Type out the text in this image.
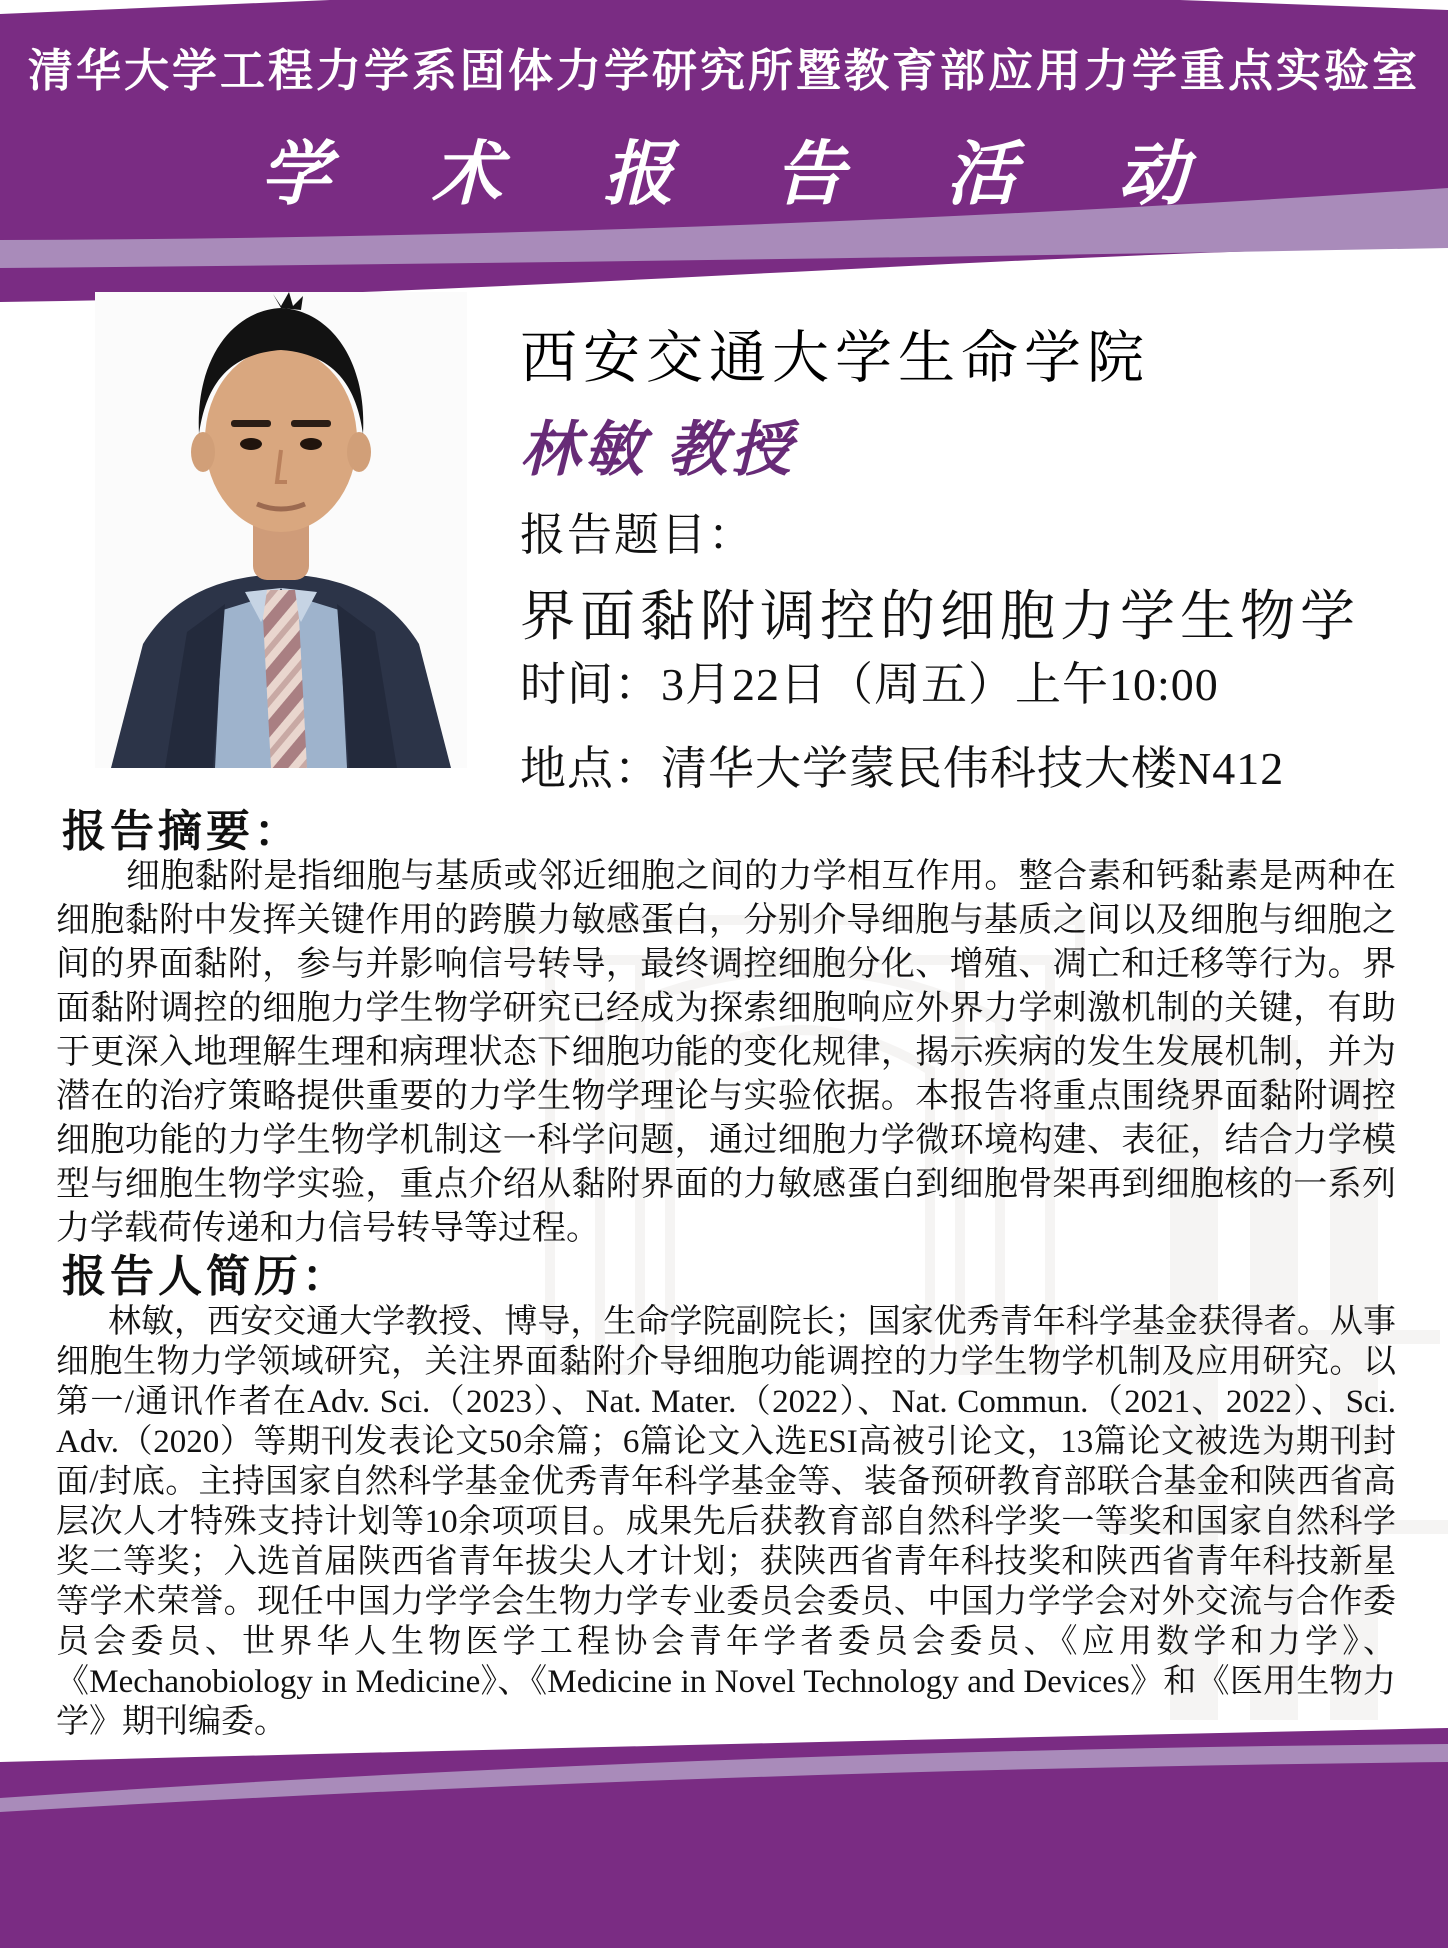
清华大学工程力学系固体力学研究所暨教育部应用力学重点实验室
学 术 报 告 活 动
西安交通大学生命学院
林敏 教授
报告题目：
界面黏附调控的细胞力学生物学
时间：3月22日（周五）上午10:00
地点：清华大学蒙民伟科技大楼N412
报告摘要：
细胞黏附是指细胞与基质或邻近细胞之间的力学相互作用。整合素和钙黏素是两种在细胞黏附中发挥关键作用的跨膜力敏感蛋白，分别介导细胞与基质之间以及细胞与细胞之间的界面黏附，参与并影响信号转导，最终调控细胞分化、增殖、凋亡和迁移等行为。界面黏附调控的细胞力学生物学研究已经成为探索细胞响应外界力学刺激机制的关键，有助于更深入地理解生理和病理状态下细胞功能的变化规律，揭示疾病的发生发展机制，并为潜在的治疗策略提供重要的力学生物学理论与实验依据。本报告将重点围绕界面黏附调控细胞功能的力学生物学机制这一科学问题，通过细胞力学微环境构建、表征，结合力学模型与细胞生物学实验，重点介绍从黏附界面的力敏感蛋白到细胞骨架再到细胞核的一系列力学载荷传递和力信号转导等过程。
报告人简历：
林敏，西安交通大学教授、博导，生命学院副院长；国家优秀青年科学基金获得者。从事细胞生物力学领域研究，关注界面黏附介导细胞功能调控的力学生物学机制及应用研究。以第一/通讯作者在Adv. Sci.（2023）、Nat. Mater.（2022）、Nat. Commun.（2021、2022）、Sci. Adv.（2020）等期刊发表论文50余篇；6篇论文入选ESI高被引论文，13篇论文被选为期刊封面/封底。主持国家自然科学基金优秀青年科学基金等、装备预研教育部联合基金和陕西省高层次人才特殊支持计划等10余项项目。成果先后获教育部自然科学奖一等奖和国家自然科学奖二等奖；入选首届陕西省青年拔尖人才计划；获陕西省青年科技奖和陕西省青年科技新星等学术荣誉。现任中国力学学会生物力学专业委员会委员、中国力学学会对外交流与合作委员会委员、世界华人生物医学工程协会青年学者委员会委员、《应用数学和力学》、《Mechanobiology in Medicine》、《Medicine in Novel Technology and Devices》和《医用生物力学》期刊编委。
